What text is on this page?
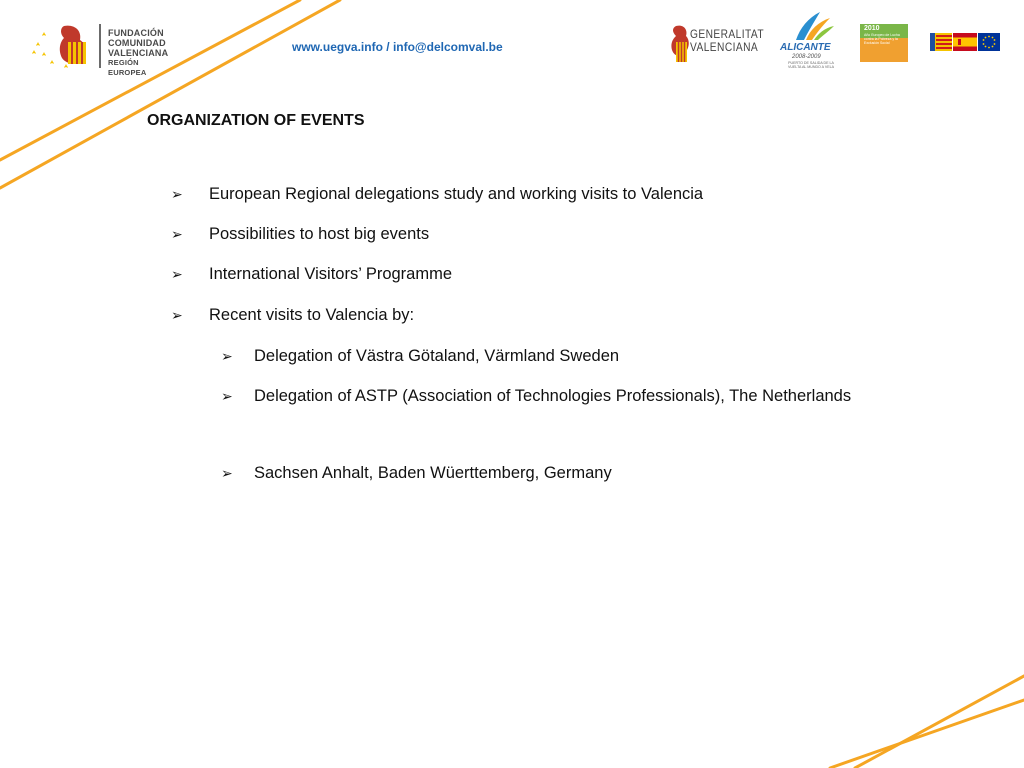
FUNDACIÓN
COMUNIDAD
VALENCIANA
REGIÓN EUROPEA
www.uegva.info / info@delcomval.be
GENERALITAT
VALENCIANA	ALICANTE
2008-2009
PUERTO DE SALIDA DE LA VUELTA AL MUNDO A VELA
2010
Año Europeo de Lucha contra la Pobreza y la Exclusión Social
ORGANIZATION OF EVENTS
➢ European Regional delegations study and working visits to Valencia
➢ Possibilities to host big events
➢ International Visitors’ Programme
➢ Recent visits to Valencia by:
➢ Delegation of Västra Götaland, Värmland Sweden
➢ Delegation of ASTP (Association of Technologies Professionals), The Netherlands
➢ Sachsen Anhalt, Baden Wüerttemberg, Germany
